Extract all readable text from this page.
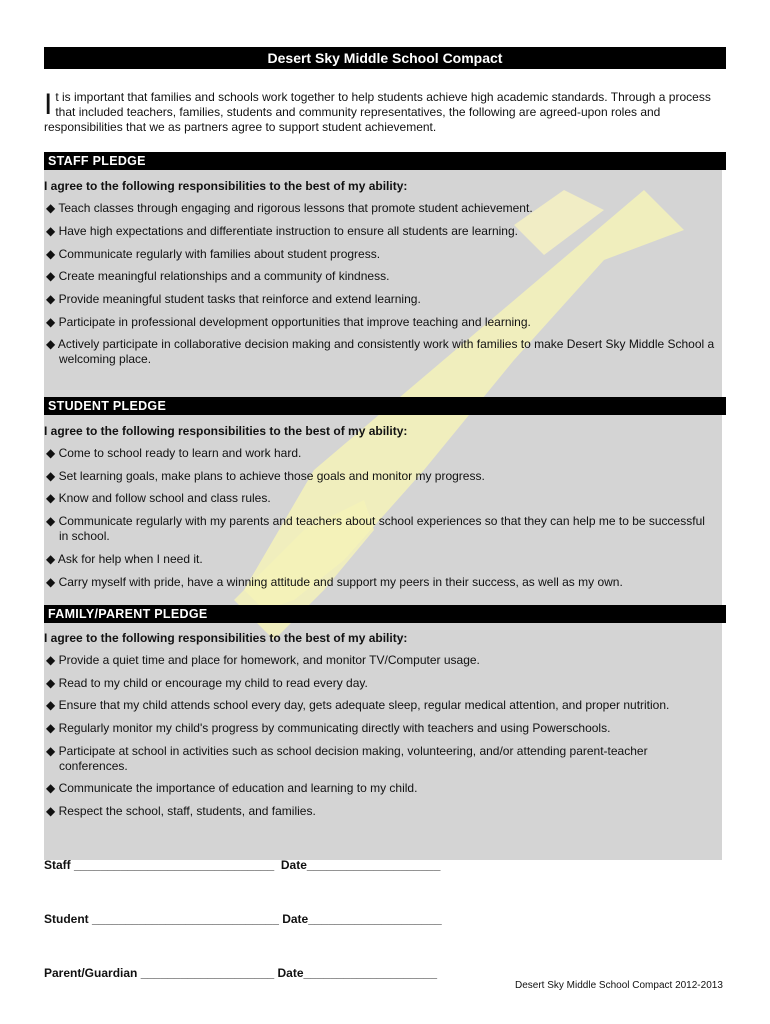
Desert Sky Middle School Compact
I t is important that families and schools work together to help students achieve high academic standards. Through a process that included teachers, families, students and community representatives, the following are agreed-upon roles and responsibilities that we as partners agree to support student achievement.
STAFF PLEDGE
I agree to the following responsibilities to the best of my ability:
◆ Teach classes through engaging and rigorous lessons that promote student achievement.
◆ Have high expectations and differentiate instruction to ensure all students are learning.
◆ Communicate regularly with families about student progress.
◆ Create meaningful relationships and a community of kindness.
◆ Provide meaningful student tasks that reinforce and extend learning.
◆ Participate in professional development opportunities that improve teaching and learning.
◆ Actively participate in collaborative decision making and consistently work with families to make Desert Sky Middle School a welcoming place.
STUDENT PLEDGE
I agree to the following responsibilities to the best of my ability:
◆ Come to school ready to learn and work hard.
◆ Set learning goals, make plans to achieve those goals and monitor my progress.
◆ Know and follow school and class rules.
◆ Communicate regularly with my parents and teachers about school experiences so that they can help me to be successful in school.
◆ Ask for help when I need it.
◆ Carry myself with pride, have a winning attitude and support my peers in their success, as well as my own.
FAMILY/PARENT PLEDGE
I agree to the following responsibilities to the best of my ability:
◆ Provide a quiet time and place for homework, and monitor TV/Computer usage.
◆ Read to my child or encourage my child to read every day.
◆ Ensure that my child attends school every day, gets adequate sleep, regular medical attention, and proper nutrition.
◆ Regularly monitor my child's progress by communicating directly with teachers and using Powerschools.
◆ Participate at school in activities such as school decision making, volunteering, and/or attending parent-teacher conferences.
◆ Communicate the importance of education and learning to my child.
◆ Respect the school, staff, students, and families.
Staff ______________________________  Date____________________
Student ____________________________ Date____________________
Parent/Guardian ____________________ Date____________________
Desert Sky Middle School Compact 2012-2013
